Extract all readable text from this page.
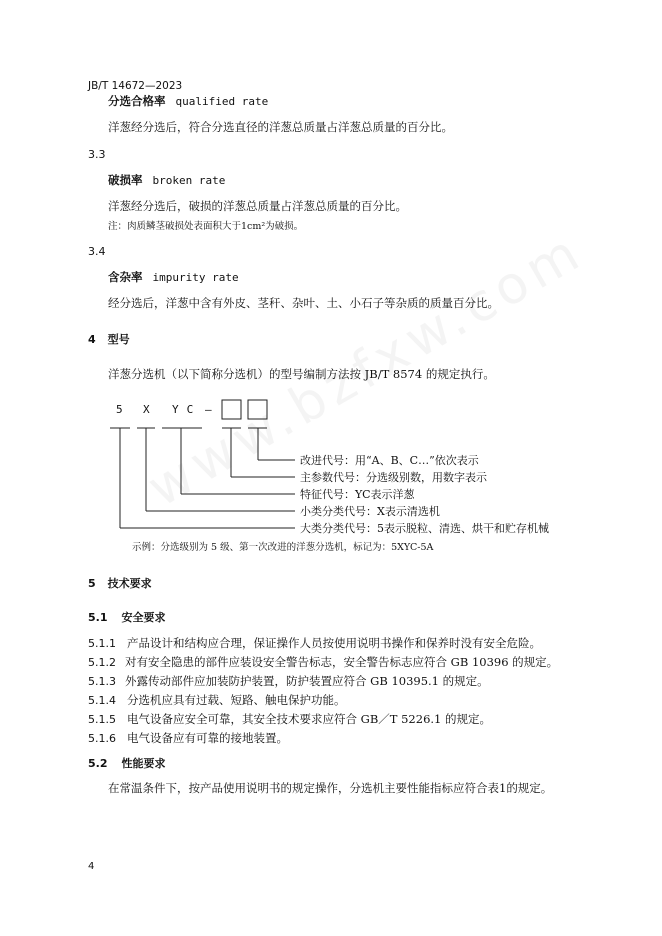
JB/T 14672—2023
分选合格率 qualified rate
洋葱经分选后，符合分选直径的洋葱总质量占洋葱总质量的百分比。
3.3
破损率 broken rate
洋葱经分选后，破损的洋葱总质量占洋葱总质量的百分比。
注：肉质鳞茎破损处表面积大于1cm²为破损。
3.4
含杂率 impurity rate
经分选后，洋葱中含有外皮、茎秆、杂叶、土、小石子等杂质的质量百分比。
4 型号
洋葱分选机（以下简称分选机）的型号编制方法按 JB/T 8574 的规定执行。
5 X YC —
改进代号：用“A、B、C…”依次表示
主参数代号：分选级别数，用数字表示
特征代号：YC表示洋葱
小类分类代号：X表示清选机
大类分类代号：5表示脱粒、清选、烘干和贮存机械
示例：分选级别为 5 级、第一次改进的洋葱分选机，标记为：5XYC-5A
5 技术要求
5.1 安全要求
5.1.1 产品设计和结构应合理，保证操作人员按使用说明书操作和保养时没有安全危险。
5.1.2 对有安全隐患的部件应装设安全警告标志，安全警告标志应符合 GB 10396 的规定。
5.1.3 外露传动部件应加装防护装置，防护装置应符合 GB 10395.1 的规定。
5.1.4 分选机应具有过载、短路、触电保护功能。
5.1.5 电气设备应安全可靠，其安全技术要求应符合 GB／T 5226.1 的规定。
5.1.6 电气设备应有可靠的接地装置。
5.2 性能要求
在常温条件下，按产品使用说明书的规定操作，分选机主要性能指标应符合表1的规定。
4
